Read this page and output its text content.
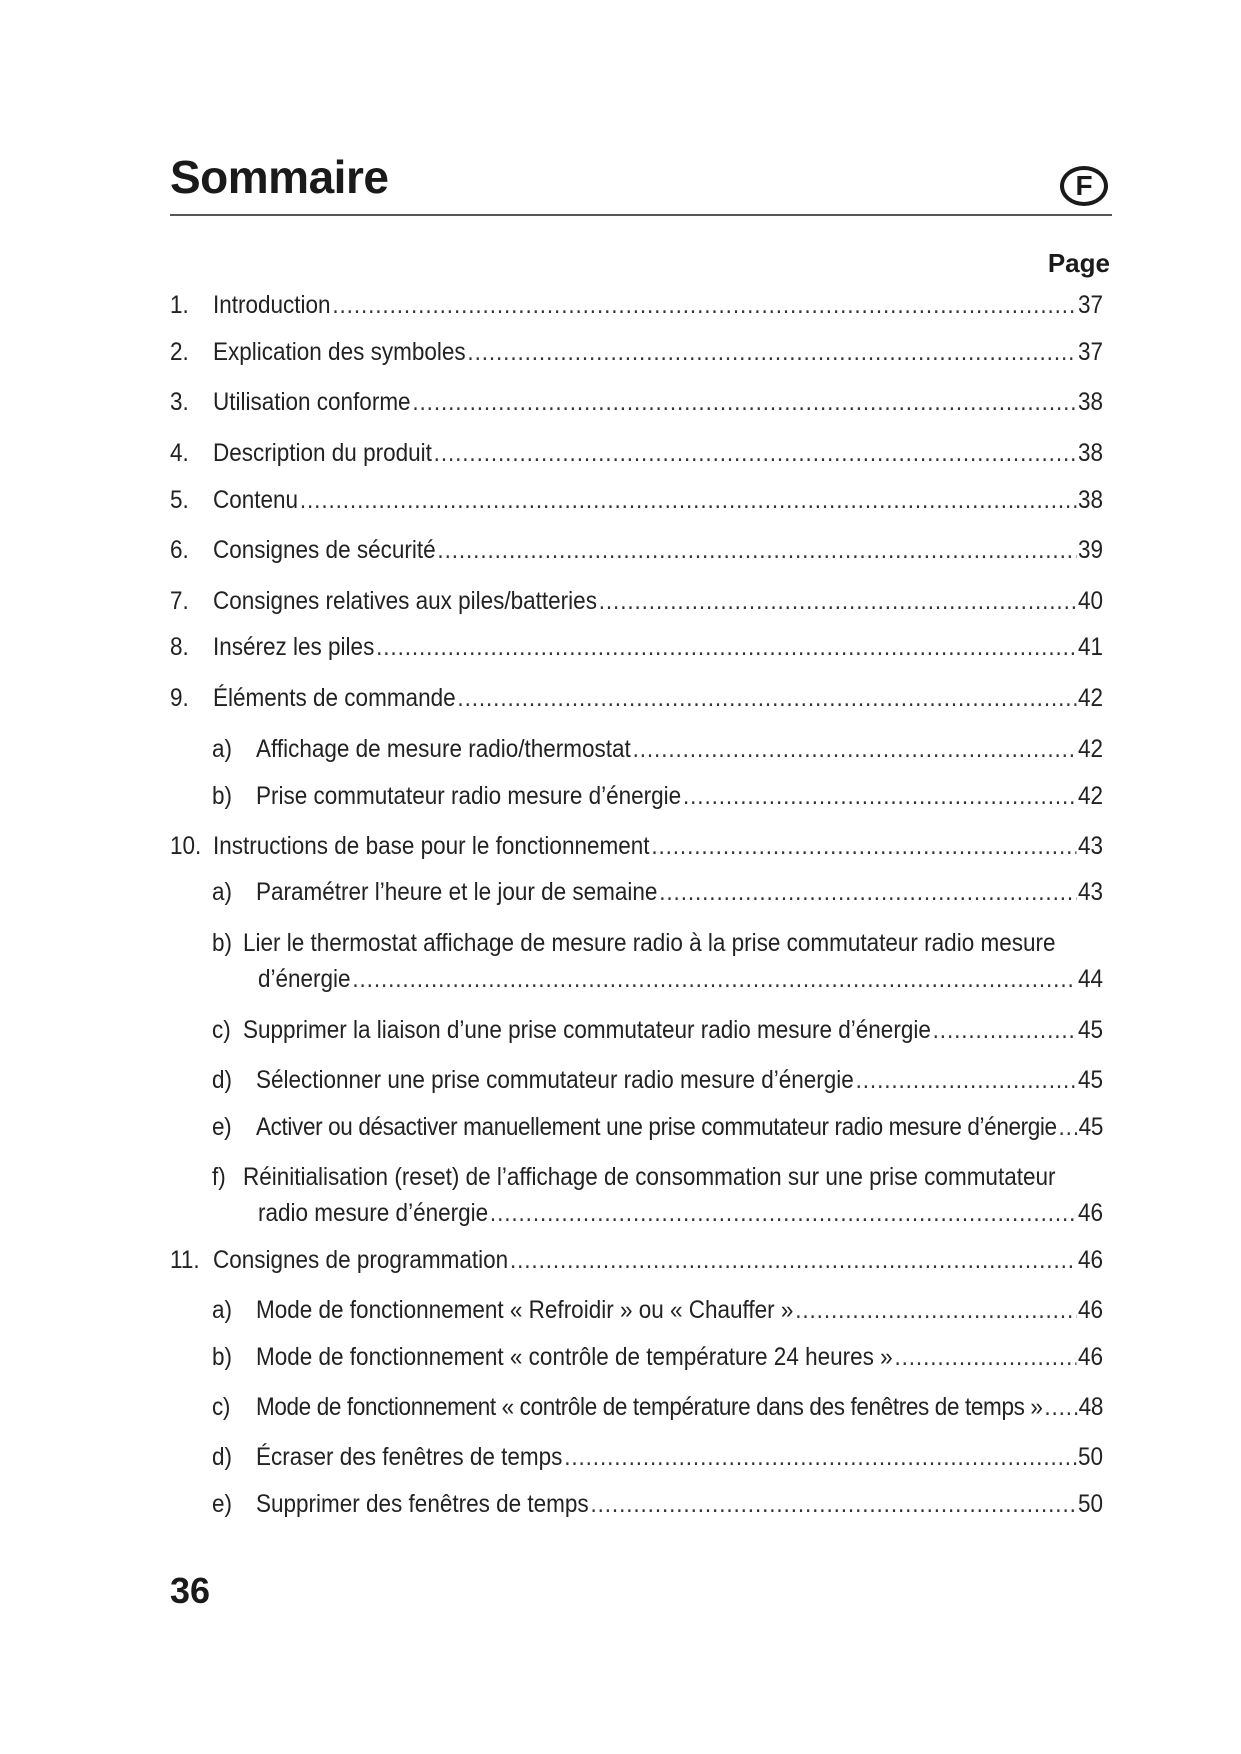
Sommaire	F
Page
1. Introduction .....	37
2. Explication des symboles .....	37
3. Utilisation conforme .....	38
4. Description du produit .....	38
5. Contenu .....	38
6. Consignes de sécurité .....	39
7. Consignes relatives aux piles/batteries .....	40
8. Insérez les piles .....	41
9. Éléments de commande .....	42
a) Affichage de mesure radio/thermostat .....	42
b) Prise commutateur radio mesure d’énergie .....	42
10. Instructions de base pour le fonctionnement .....	43
a) Paramétrer l’heure et le jour de semaine .....	43
b) Lier le thermostat affichage de mesure radio à la prise commutateur radio mesure
d’énergie .....	44
c) Supprimer la liaison d’une prise commutateur radio mesure d’énergie .....	45
d) Sélectionner une prise commutateur radio mesure d’énergie .....	45
e) Activer ou désactiver manuellement une prise commutateur radio mesure d’énergie ..... 45
f) Réinitialisation (reset) de l’affichage de consommation sur une prise commutateur
radio mesure d’énergie .....	46
11. Consignes de programmation .....	46
a) Mode de fonctionnement « Refroidir » ou « Chauffer » .....	46
b) Mode de fonctionnement « contrôle de température 24 heures » .....	46
c) Mode de fonctionnement « contrôle de température dans des fenêtres de temps » ..... 48
d) Écraser des fenêtres de temps .....	50
e) Supprimer des fenêtres de temps .....	50
36
